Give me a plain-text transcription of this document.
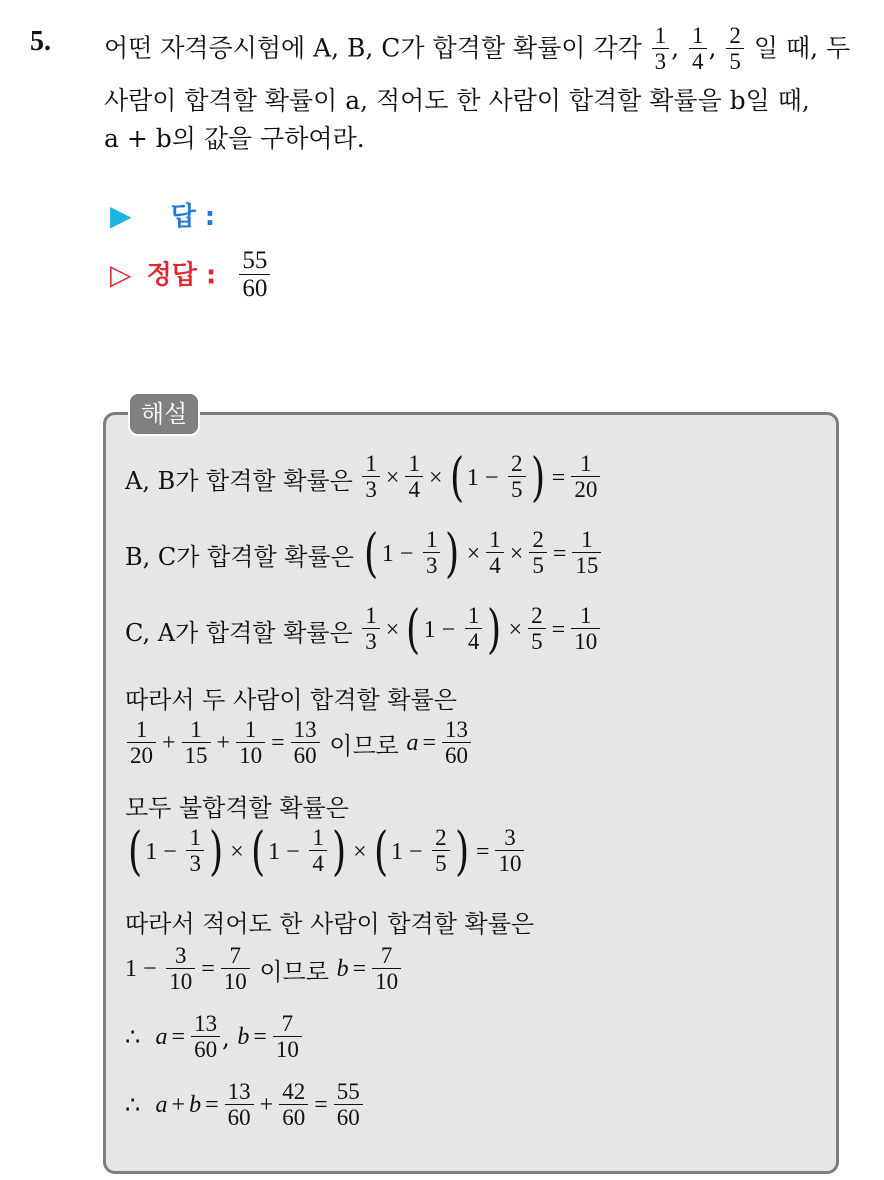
5. 어떤 자격증시험에 A, B, C가 합격할 확률이 각각 $\frac{1}{3}$ , $\frac{1}{4}$ , $\frac{2}{5}$ 일 때, 두
사람이 합격할 확률이 a, 적어도 한 사람이 합격할 확률을 b일 때,
a + b의 값을 구하여라.
▶ 답 :
▷ 정답 : $\frac{55}{60}$
해설
A, B가 합격할 확률은
$\frac{1}{3} \times \frac{1}{4}$ × ( 1 −
$\frac{2}{5}$ ) = $\frac{1}{20}$
B, C가 합격할 확률은
( 1 −
$\frac{1}{3}$ ) × $\frac{1}{4} \times \frac{2}{5} = \frac{1}{15}$
C, A가 합격할 확률은
$\frac{1}{3}$ × ( 1 −
$\frac{1}{4}$ ) × $\frac{2}{5} = \frac{1}{10}$
따라서 두 사람이 합격할 확률은
$\frac{1}{20} + \frac{1}{15} + \frac{1}{10} = \frac{13}{60}$
이므로
$a = \frac{13}{60}$
모두 불합격할 확률은
( 1 −
$\frac{1}{3}$ ) × ( 1 −
$\frac{1}{4}$ ) × ( 1 −
$\frac{2}{5}$ ) = $\frac{3}{10}$
따라서 적어도 한 사람이 합격할 확률은
1 −
$\frac{3}{10} = \frac{7}{10}$
이므로
$b = \frac{7}{10}$
∴
$a = \frac{13}{60}$ , $b = \frac{7}{10}$
∴
$a + b = \frac{13}{60} + \frac{42}{60} = \frac{55}{60}$
